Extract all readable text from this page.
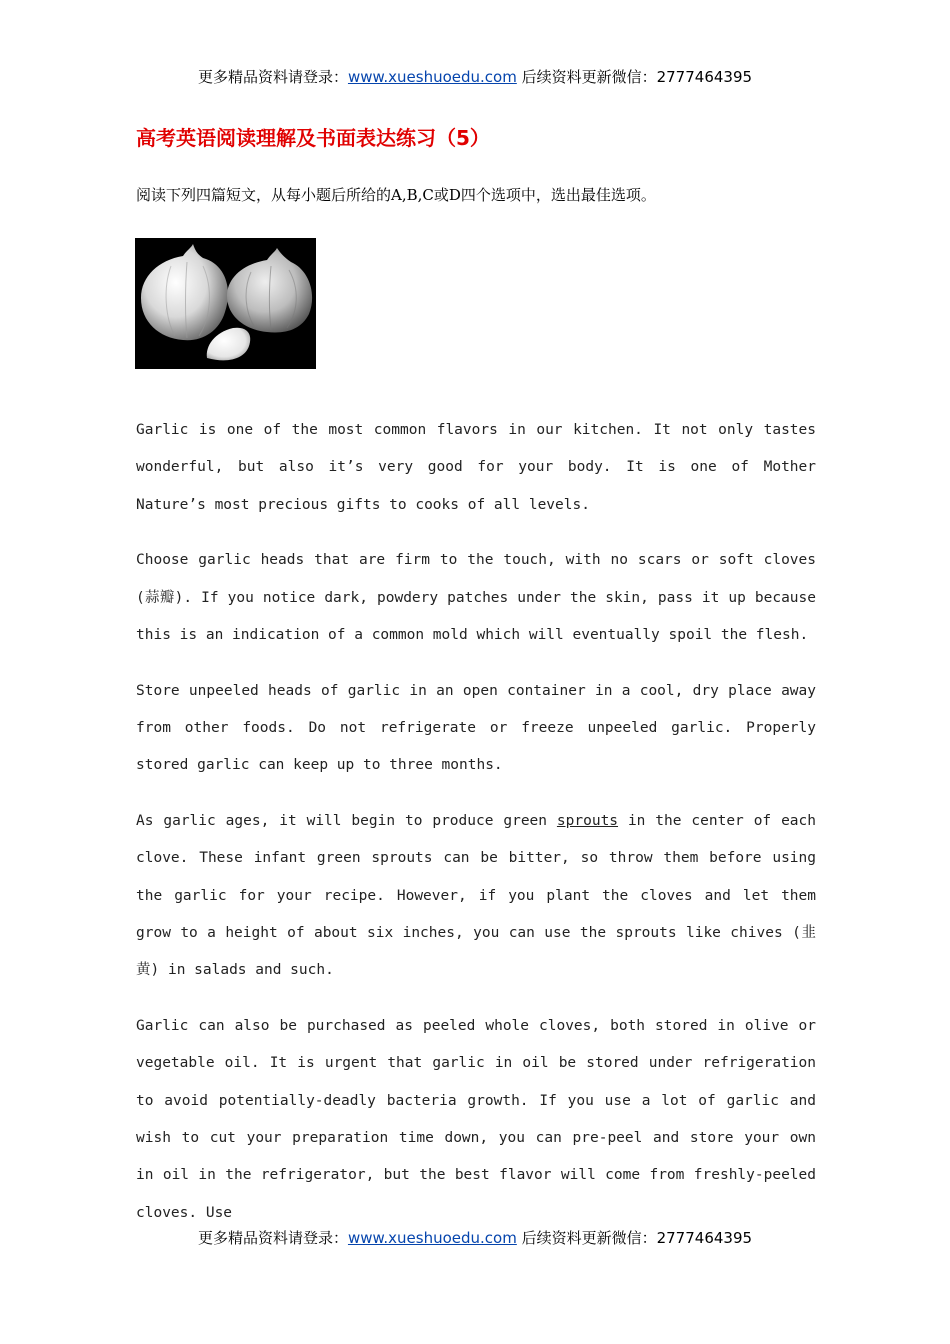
更多精品资料请登录：www.xueshuoedu.com 后续资料更新微信：2777464395
高考英语阅读理解及书面表达练习（5）
阅读下列四篇短文，从每小题后所给的A,B,C或D四个选项中，选出最佳选项。

Garlic is one of the most common flavors in our kitchen. It not only tastes wonderful, but also it’s very good for your body. It is one of Mother Nature’s most precious gifts to cooks of all levels.

Choose garlic heads that are firm to the touch, with no scars or soft cloves (蒜瓣). If you notice dark, powdery patches under the skin, pass it up because this is an indication of a common mold which will eventually spoil the flesh.

Store unpeeled heads of garlic in an open container in a cool, dry place away from other foods. Do not refrigerate or freeze unpeeled garlic. Properly stored garlic can keep up to three months.

As garlic ages, it will begin to produce green sprouts in the center of each clove. These infant green sprouts can be bitter, so throw them before using the garlic for your recipe. However, if you plant the cloves and let them grow to a height of about six inches, you can use the sprouts like chives (韭黄) in salads and such.

Garlic can also be purchased as peeled whole cloves, both stored in olive or vegetable oil. It is urgent that garlic in oil be stored under refrigeration to avoid potentially-deadly bacteria growth. If you use a lot of garlic and wish to cut your preparation time down, you can pre-peel and store your own in oil in the refrigerator, but the best flavor will come from freshly-peeled cloves. Use

更多精品资料请登录：www.xueshuoedu.com 后续资料更新微信：2777464395
